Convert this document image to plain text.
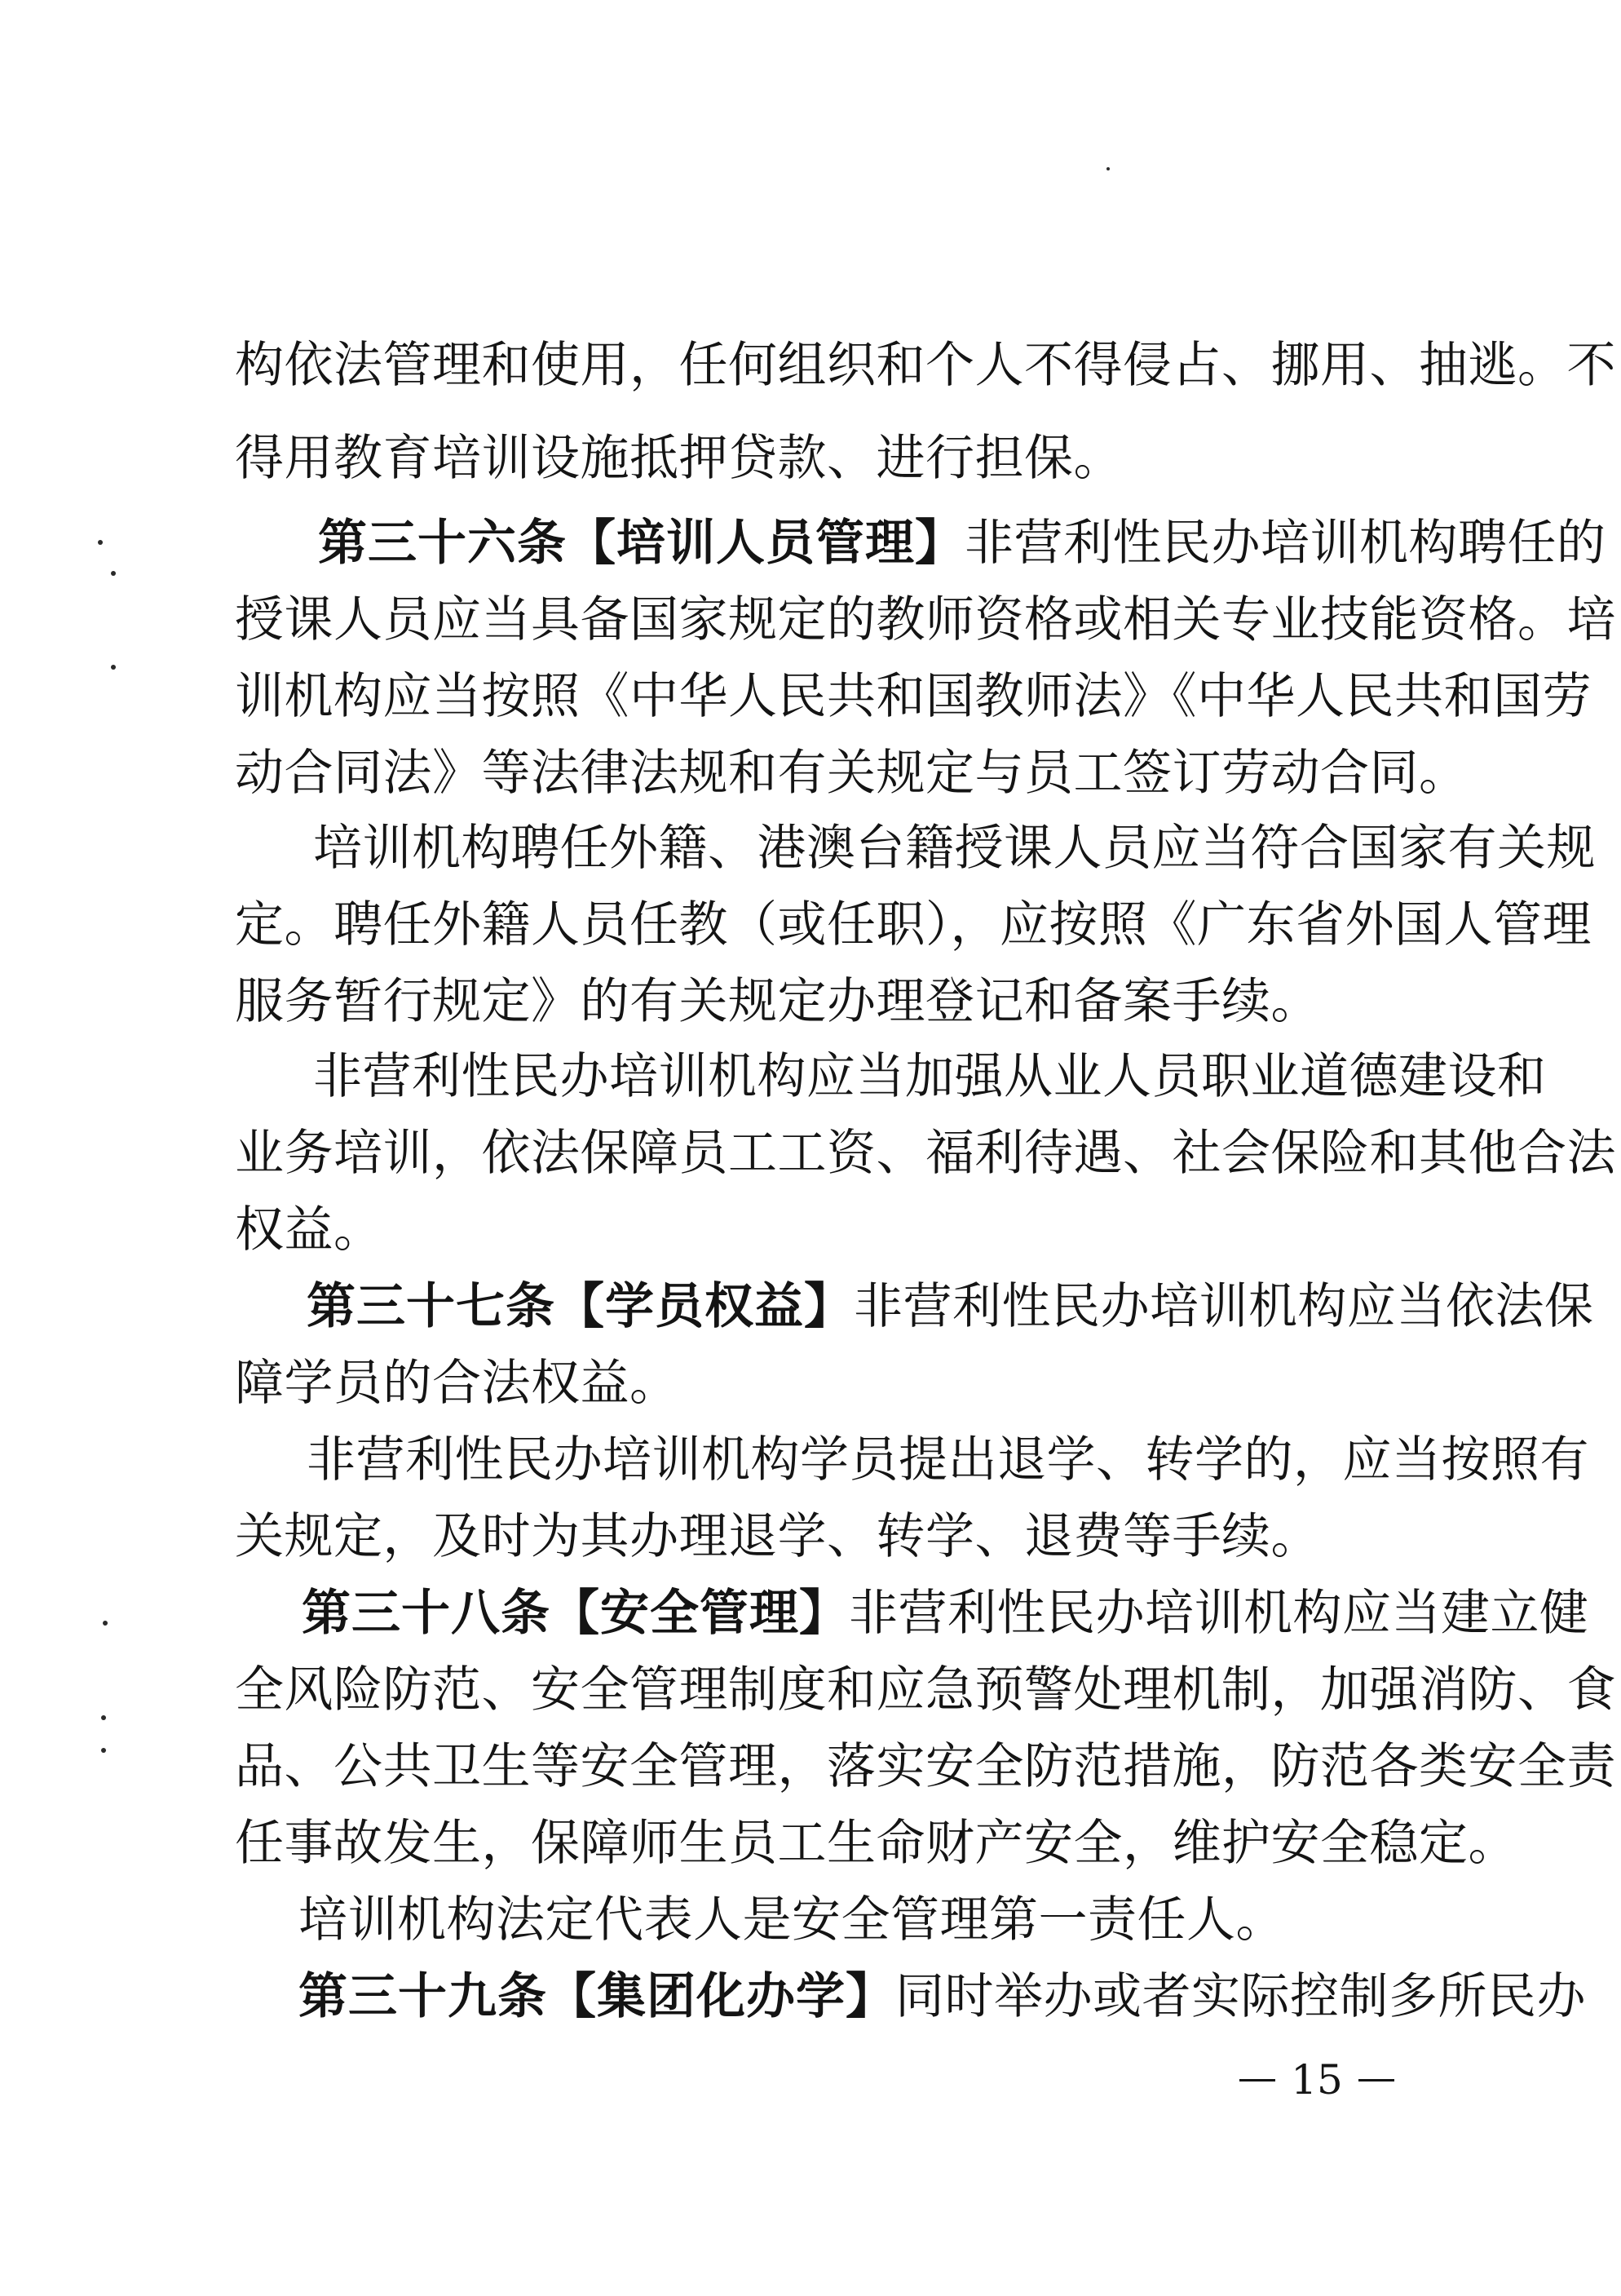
构依法管理和使用，任何组织和个人不得侵占、挪用、抽逃。不
得用教育培训设施抵押贷款、进行担保。
第三十六条【培训人员管理】非营利性民办培训机构聘任的
授课人员应当具备国家规定的教师资格或相关专业技能资格。培
训机构应当按照《中华人民共和国教师法》《中华人民共和国劳
动合同法》等法律法规和有关规定与员工签订劳动合同。
培训机构聘任外籍、港澳台籍授课人员应当符合国家有关规
定。聘任外籍人员任教（或任职），应按照《广东省外国人管理
服务暂行规定》的有关规定办理登记和备案手续。
非营利性民办培训机构应当加强从业人员职业道德建设和
业务培训，依法保障员工工资、福利待遇、社会保险和其他合法
权益。
第三十七条【学员权益】非营利性民办培训机构应当依法保
障学员的合法权益。
非营利性民办培训机构学员提出退学、转学的，应当按照有
关规定，及时为其办理退学、转学、退费等手续。
第三十八条【安全管理】非营利性民办培训机构应当建立健
全风险防范、安全管理制度和应急预警处理机制，加强消防、食
品、公共卫生等安全管理，落实安全防范措施，防范各类安全责
任事故发生，保障师生员工生命财产安全，维护安全稳定。
培训机构法定代表人是安全管理第一责任人。
第三十九条【集团化办学】同时举办或者实际控制多所民办
15
